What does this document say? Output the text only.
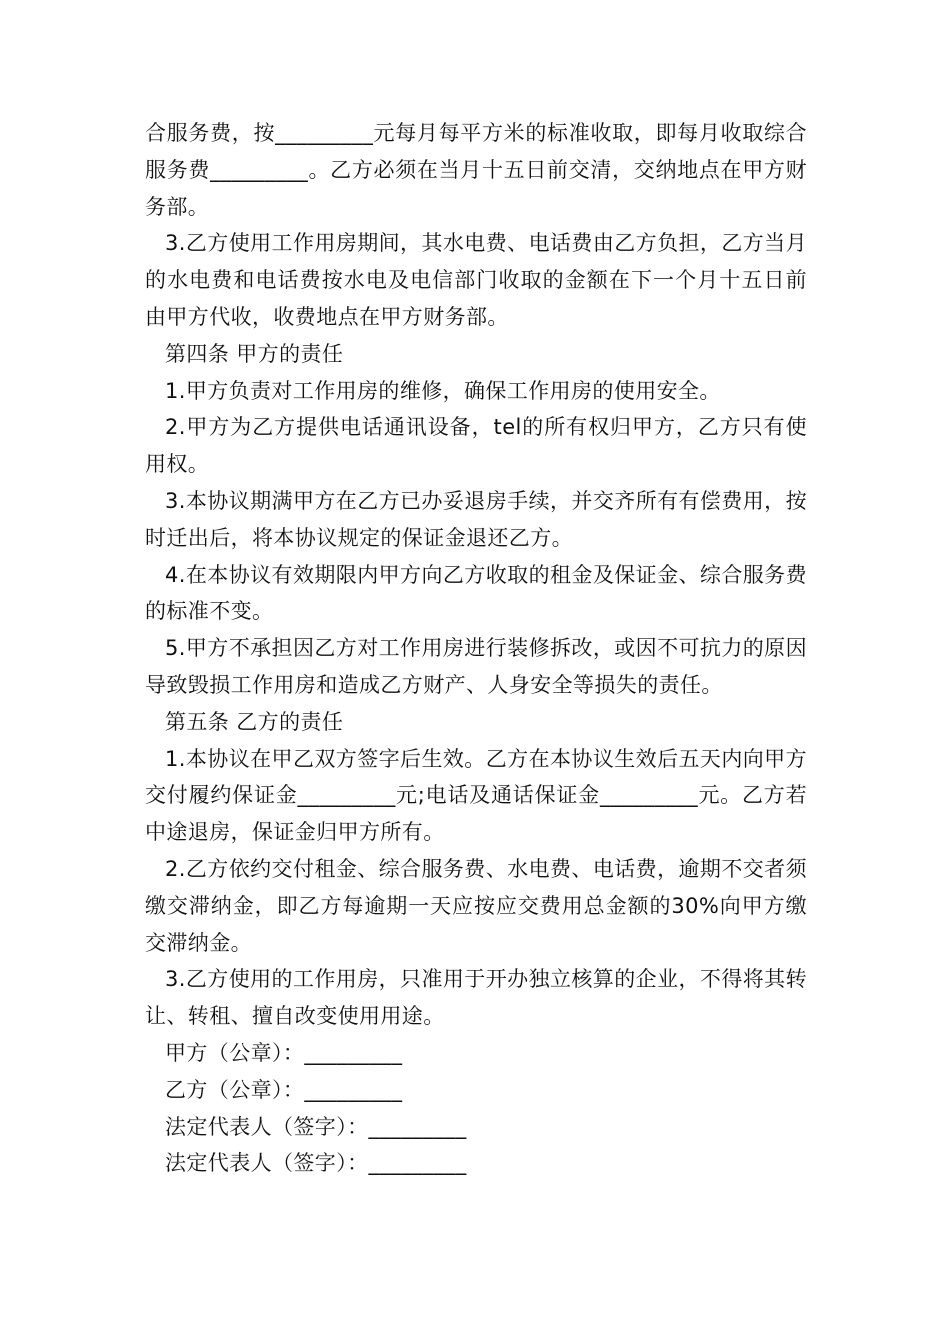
合服务费，按_________元每月每平方米的标准收取，即每月收取综合服务费_________。乙方必须在当月十五日前交清，交纳地点在甲方财务部。

3.乙方使用工作用房期间，其水电费、电话费由乙方负担，乙方当月的水电费和电话费按水电及电信部门收取的金额在下一个月十五日前由甲方代收，收费地点在甲方财务部。

第四条 甲方的责任

1.甲方负责对工作用房的维修，确保工作用房的使用安全。

2.甲方为乙方提供电话通讯设备，tel的所有权归甲方，乙方只有使用权。

3.本协议期满甲方在乙方已办妥退房手续，并交齐所有有偿费用，按时迁出后，将本协议规定的保证金退还乙方。

4.在本协议有效期限内甲方向乙方收取的租金及保证金、综合服务费的标准不变。

5.甲方不承担因乙方对工作用房进行装修拆改，或因不可抗力的原因导致毁损工作用房和造成乙方财产、人身安全等损失的责任。

第五条 乙方的责任

1.本协议在甲乙双方签字后生效。乙方在本协议生效后五天内向甲方交付履约保证金_________元;电话及通话保证金_________元。乙方若中途退房，保证金归甲方所有。

2.乙方依约交付租金、综合服务费、水电费、电话费，逾期不交者须缴交滞纳金，即乙方每逾期一天应按应交费用总金额的30%向甲方缴交滞纳金。

3.乙方使用的工作用房，只准用于开办独立核算的企业，不得将其转让、转租、擅自改变使用用途。

甲方（公章）：_________

乙方（公章）：_________

法定代表人（签字）：_________

法定代表人（签字）：_________
